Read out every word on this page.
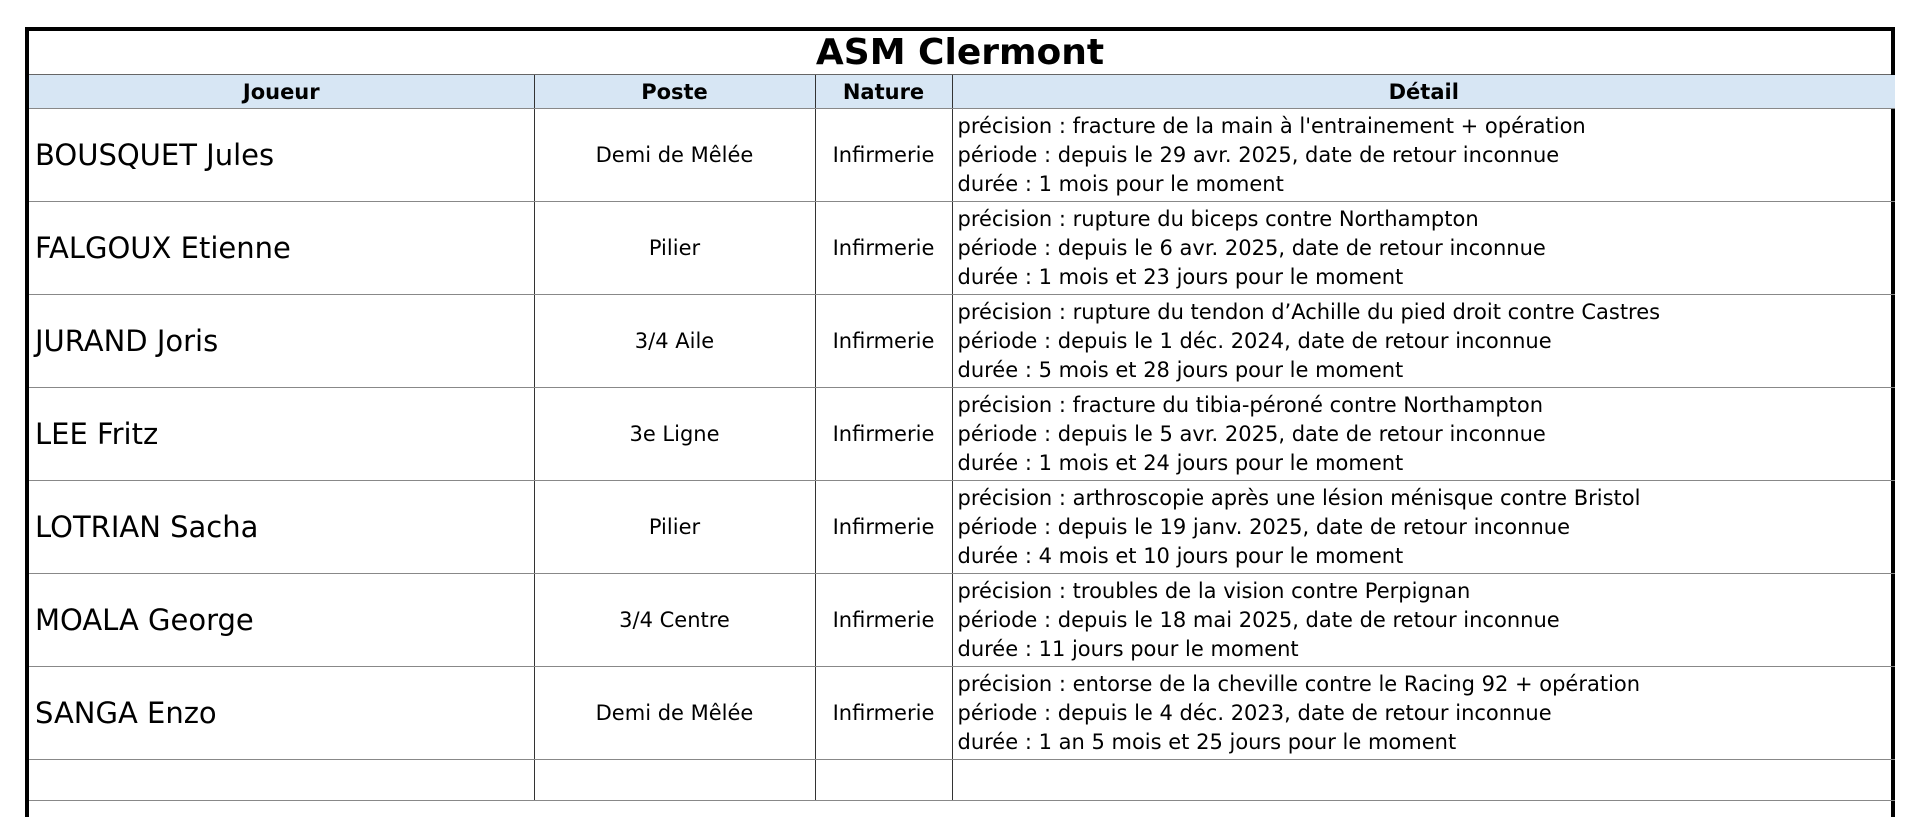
ASM Clermont
Joueur	Poste	Nature	Détail
BOUSQUET Jules	Demi de Mêlée	Infirmerie	précision : fracture de la main à l'entrainement + opération
période : depuis le 29 avr. 2025, date de retour inconnue
durée : 1 mois pour le moment

FALGOUX Etienne	Pilier	Infirmerie	précision : rupture du biceps contre Northampton
période : depuis le 6 avr. 2025, date de retour inconnue
durée : 1 mois et 23 jours pour le moment

JURAND Joris	3/4 Aile	Infirmerie	précision : rupture du tendon d’Achille du pied droit contre Castres
période : depuis le 1 déc. 2024, date de retour inconnue
durée : 5 mois et 28 jours pour le moment

LEE Fritz	3e Ligne	Infirmerie	précision : fracture du tibia-péroné contre Northampton
période : depuis le 5 avr. 2025, date de retour inconnue
durée : 1 mois et 24 jours pour le moment

LOTRIAN Sacha	Pilier	Infirmerie	précision : arthroscopie après une lésion ménisque contre Bristol
période : depuis le 19 janv. 2025, date de retour inconnue
durée : 4 mois et 10 jours pour le moment

MOALA George	3/4 Centre	Infirmerie	précision : troubles de la vision contre Perpignan
période : depuis le 18 mai 2025, date de retour inconnue
durée : 11 jours pour le moment

SANGA Enzo	Demi de Mêlée	Infirmerie	précision : entorse de la cheville contre le Racing 92 + opération
période : depuis le 4 déc. 2023, date de retour inconnue
durée : 1 an 5 mois et 25 jours pour le moment
